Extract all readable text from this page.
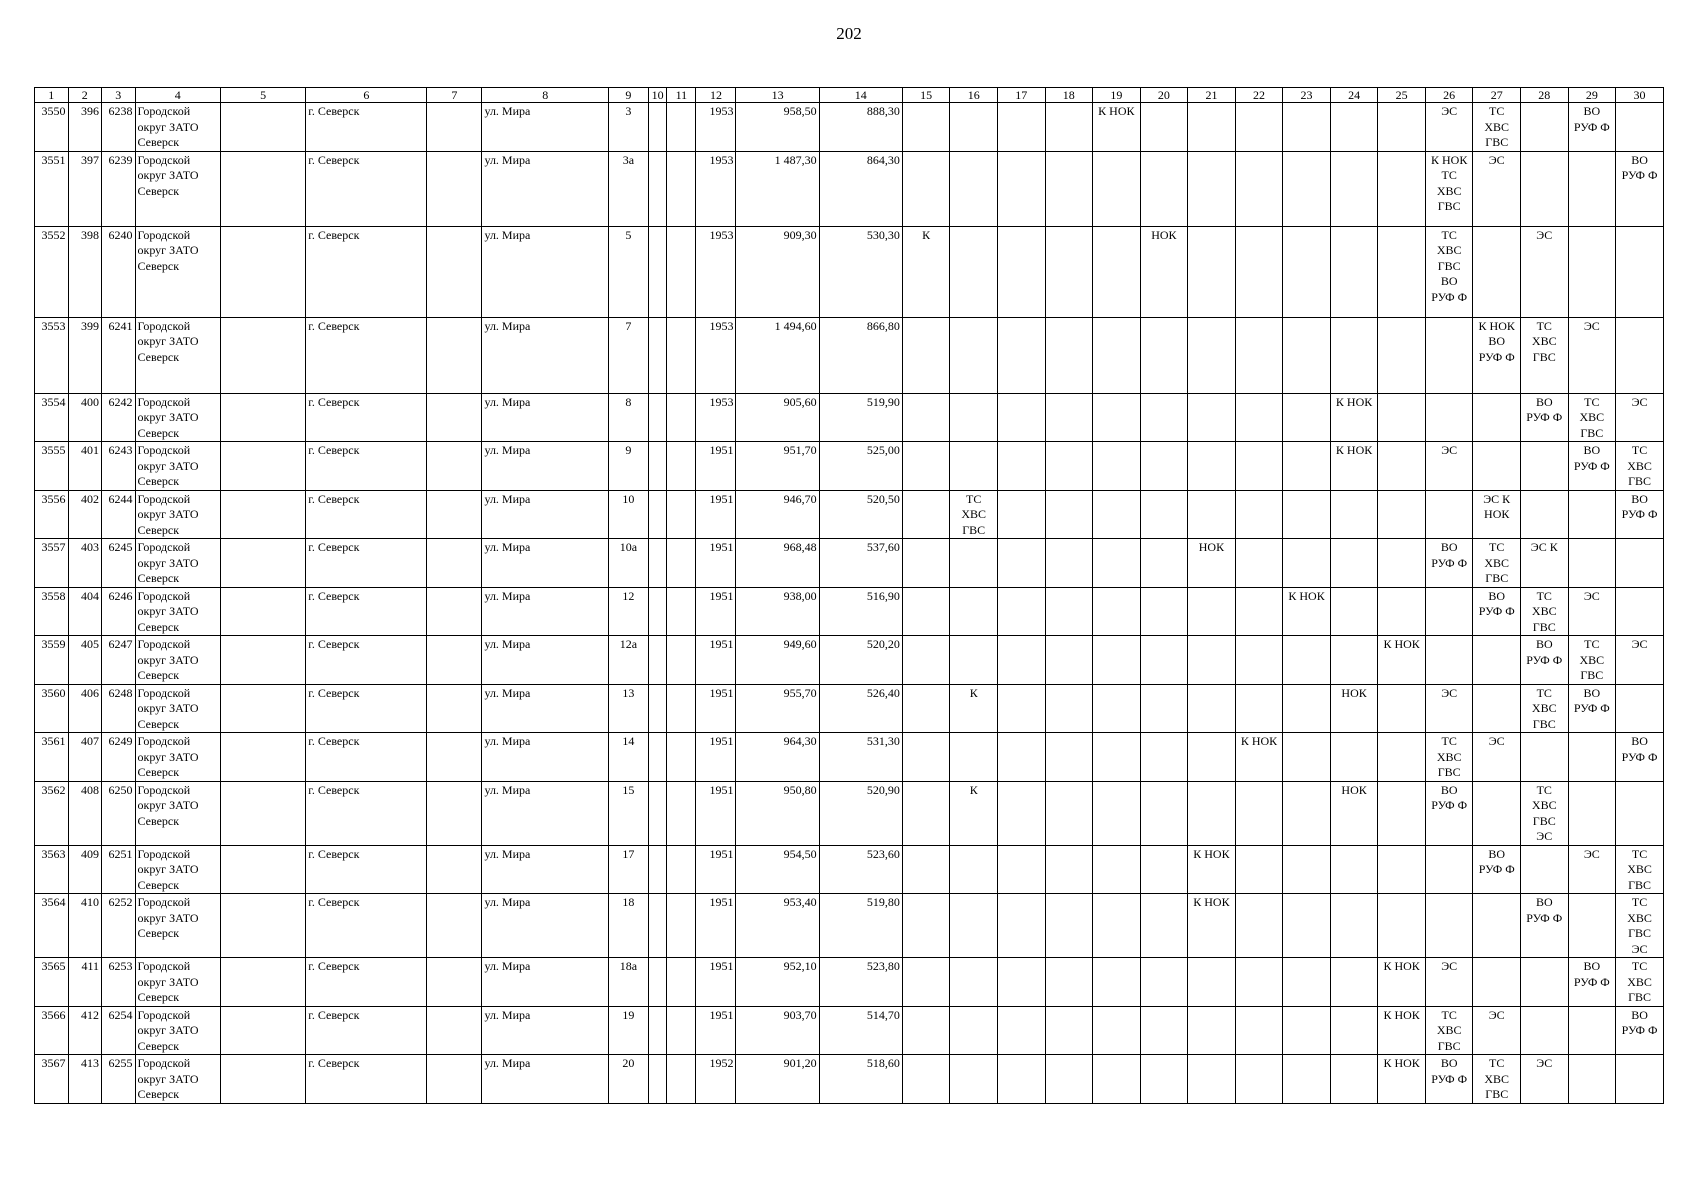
202
1	2	3	4	5	6	7	8	9	10	11	12	13	14	15	16	17	18	19	20	21	22	23	24	25	26	27	28	29	30
3550	396	6238	Городской
округ ЗАТО
Северск		г. Северск		ул. Мира	3			1953	958,50	888,30					К НОК							ЭС	ТС
ХВС
ГВС		ВО
РУФ Ф	

3551	397	6239	Городской
округ ЗАТО
Северск		г. Северск		ул. Мира	3а			1953	1 487,30	864,30												К НОК
ТС
ХВС
ГВС	ЭС			ВО
РУФ Ф

3552	398	6240	Городской
округ ЗАТО
Северск		г. Северск		ул. Мира	5			1953	909,30	530,30	К					НОК						ТС
ХВС
ГВС
ВО
РУФ Ф		ЭС		

3553	399	6241	Городской
округ ЗАТО
Северск		г. Северск		ул. Мира	7			1953	1 494,60	866,80													К НОК
ВО
РУФ Ф	ТС
ХВС
ГВС	ЭС	

3554	400	6242	Городской
округ ЗАТО
Северск		г. Северск		ул. Мира	8			1953	905,60	519,90										К НОК				ВО
РУФ Ф	ТС
ХВС
ГВС	ЭС

3555	401	6243	Городской
округ ЗАТО
Северск		г. Северск		ул. Мира	9			1951	951,70	525,00										К НОК		ЭС			ВО
РУФ Ф	ТС
ХВС
ГВС

3556	402	6244	Городской
округ ЗАТО
Северск		г. Северск		ул. Мира	10			1951	946,70	520,50		ТС
ХВС
ГВС											ЭС К
НОК			ВО
РУФ Ф

3557	403	6245	Городской
округ ЗАТО
Северск		г. Северск		ул. Мира	10а			1951	968,48	537,60							НОК					ВО
РУФ Ф	ТС
ХВС
ГВС	ЭС К		

3558	404	6246	Городской
округ ЗАТО
Северск		г. Северск		ул. Мира	12			1951	938,00	516,90									К НОК				ВО
РУФ Ф	ТС
ХВС
ГВС	ЭС	

3559	405	6247	Городской
округ ЗАТО
Северск		г. Северск		ул. Мира	12а			1951	949,60	520,20											К НОК			ВО
РУФ Ф	ТС
ХВС
ГВС	ЭС

3560	406	6248	Городской
округ ЗАТО
Северск		г. Северск		ул. Мира	13			1951	955,70	526,40		К								НОК		ЭС		ТС
ХВС
ГВС	ВО
РУФ Ф	

3561	407	6249	Городской
округ ЗАТО
Северск		г. Северск		ул. Мира	14			1951	964,30	531,30								К НОК				ТС
ХВС
ГВС	ЭС			ВО
РУФ Ф

3562	408	6250	Городской
округ ЗАТО
Северск		г. Северск		ул. Мира	15			1951	950,80	520,90		К								НОК		ВО
РУФ Ф		ТС
ХВС
ГВС
ЭС		

3563	409	6251	Городской
округ ЗАТО
Северск		г. Северск		ул. Мира	17			1951	954,50	523,60							К НОК						ВО
РУФ Ф		ЭС	ТС
ХВС
ГВС

3564	410	6252	Городской
округ ЗАТО
Северск		г. Северск		ул. Мира	18			1951	953,40	519,80							К НОК							ВО
РУФ Ф		ТС
ХВС
ГВС
ЭС

3565	411	6253	Городской
округ ЗАТО
Северск		г. Северск		ул. Мира	18а			1951	952,10	523,80											К НОК	ЭС			ВО
РУФ Ф	ТС
ХВС
ГВС

3566	412	6254	Городской
округ ЗАТО
Северск		г. Северск		ул. Мира	19			1951	903,70	514,70											К НОК	ТС
ХВС
ГВС	ЭС			ВО
РУФ Ф

3567	413	6255	Городской
округ ЗАТО
Северск		г. Северск		ул. Мира	20			1952	901,20	518,60											К НОК	ВО
РУФ Ф	ТС
ХВС
ГВС	ЭС		
